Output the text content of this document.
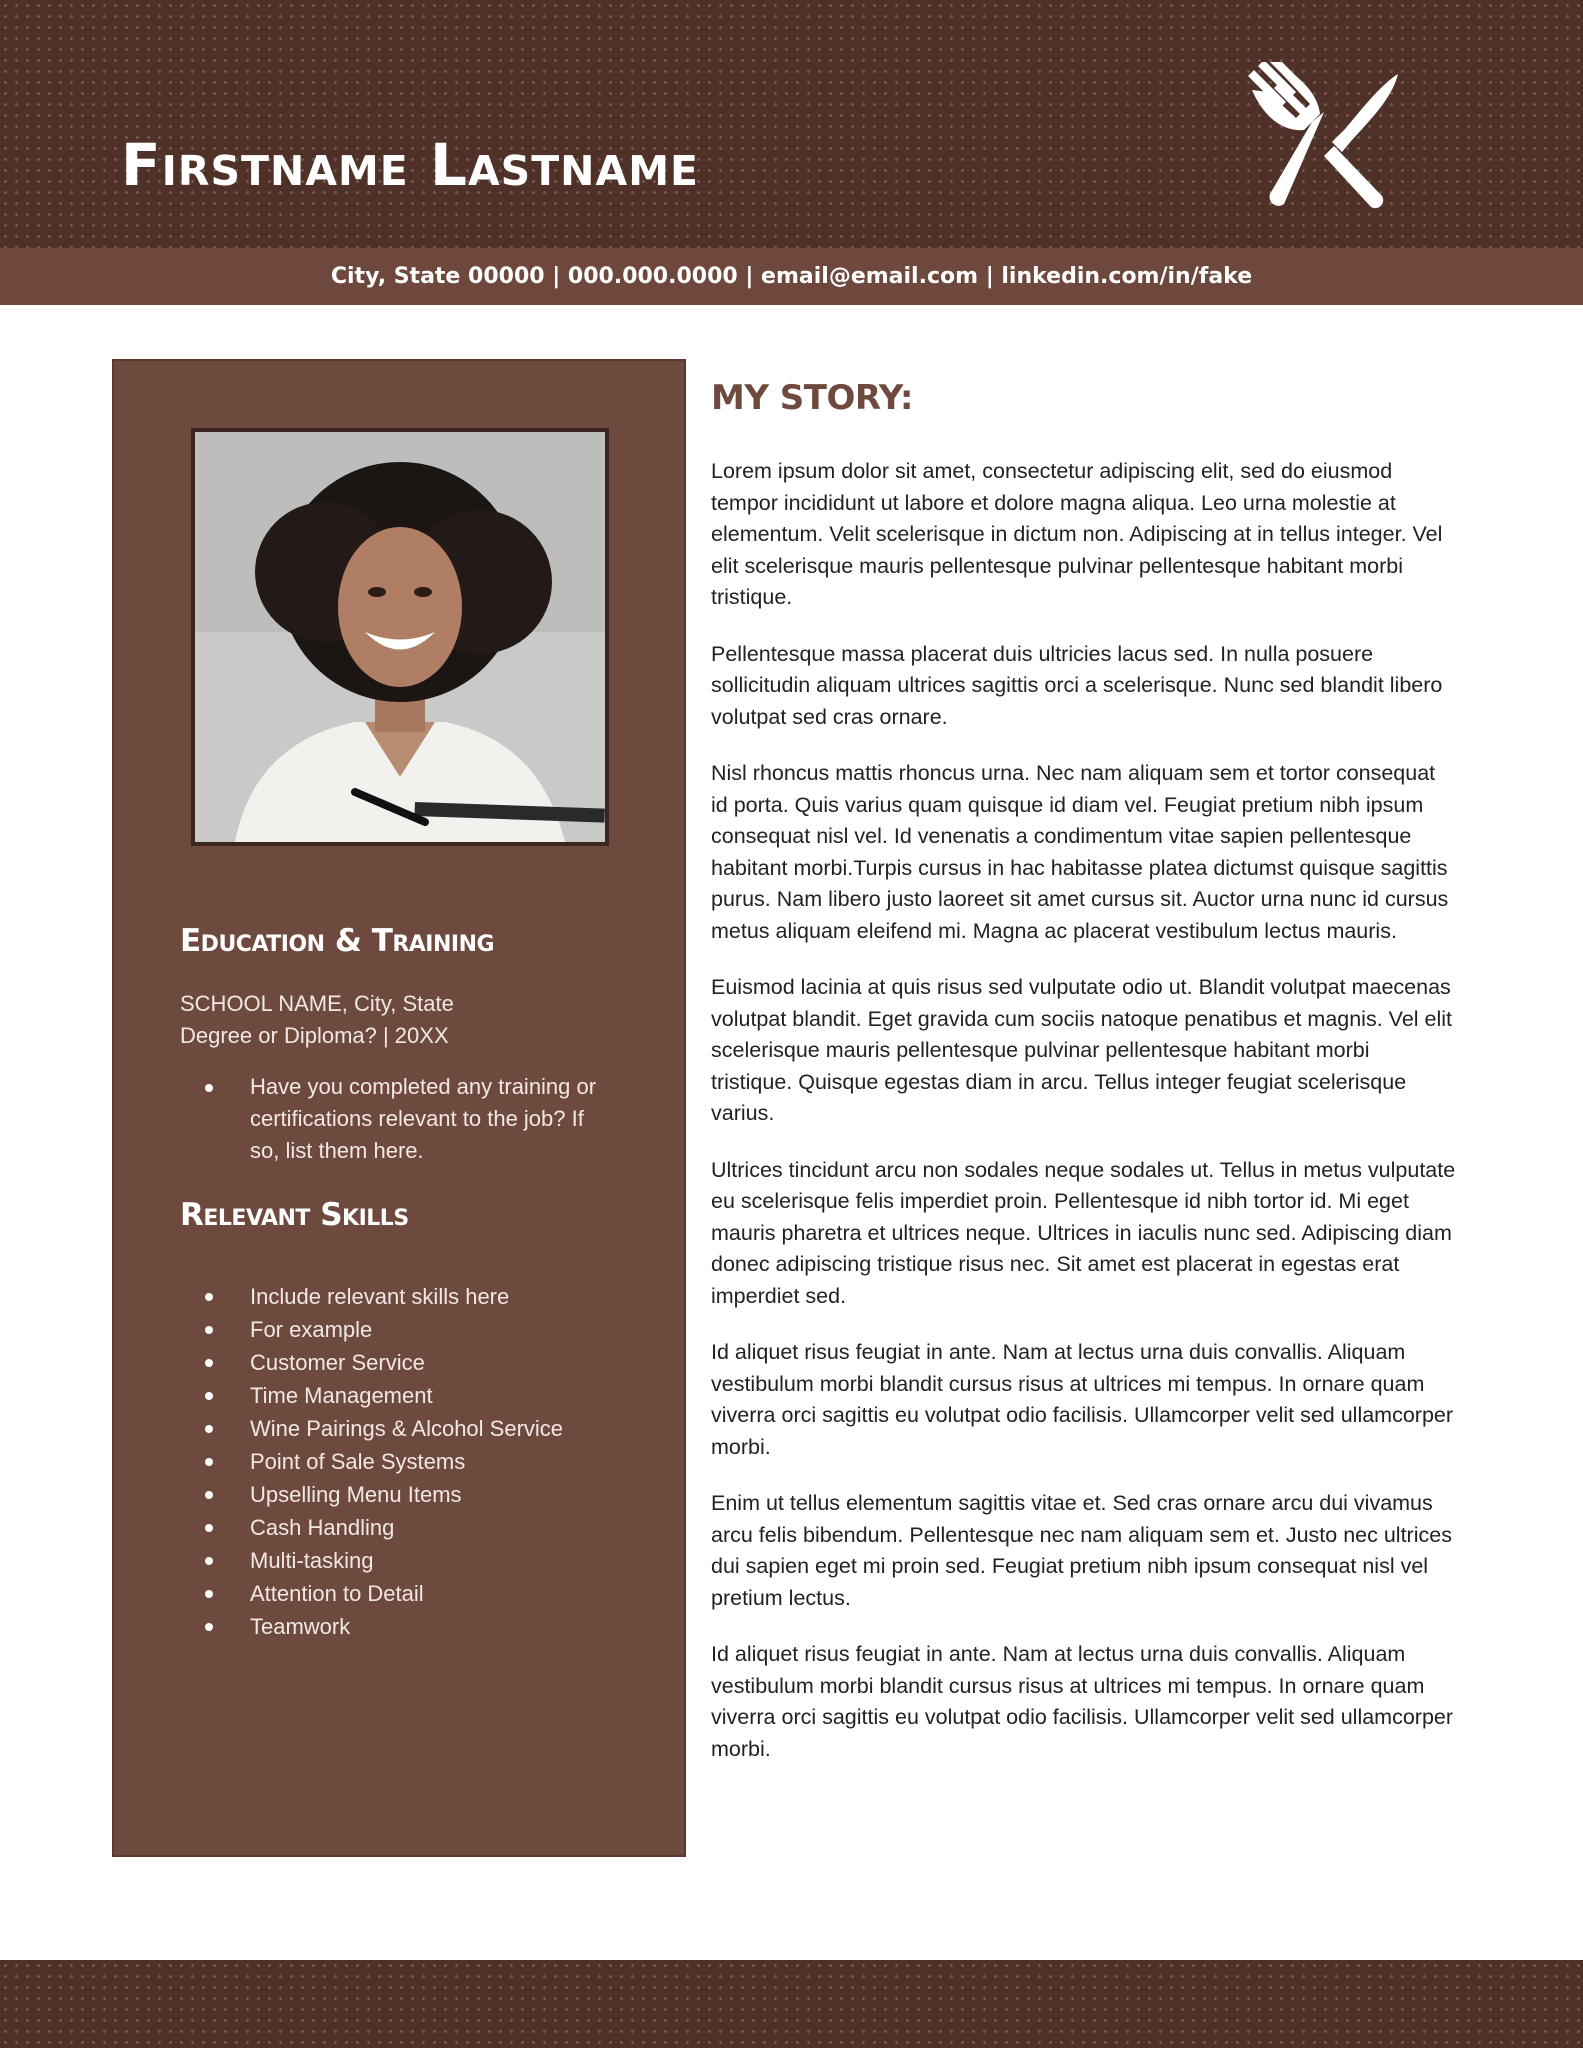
Firstname Lastname
City, State 00000 | 000.000.0000 | email@email.com | linkedin.com/in/fake
Education & Training
SCHOOL NAME, City, State
Degree or Diploma? | 20XX
Have you completed any training or certifications relevant to the job? If so, list them here.
Relevant Skills
Include relevant skills here
For example
Customer Service
Time Management
Wine Pairings & Alcohol Service
Point of Sale Systems
Upselling Menu Items
Cash Handling
Multi-tasking
Attention to Detail
Teamwork
MY STORY:

Lorem ipsum dolor sit amet, consectetur adipiscing elit, sed do eiusmod tempor incididunt ut labore et dolore magna aliqua. Leo urna molestie at elementum. Velit scelerisque in dictum non. Adipiscing at in tellus integer. Vel elit scelerisque mauris pellentesque pulvinar pellentesque habitant morbi tristique.

Pellentesque massa placerat duis ultricies lacus sed. In nulla posuere sollicitudin aliquam ultrices sagittis orci a scelerisque. Nunc sed blandit libero volutpat sed cras ornare.

Nisl rhoncus mattis rhoncus urna. Nec nam aliquam sem et tortor consequat id porta. Quis varius quam quisque id diam vel. Feugiat pretium nibh ipsum consequat nisl vel. Id venenatis a condimentum vitae sapien pellentesque habitant morbi.Turpis cursus in hac habitasse platea dictumst quisque sagittis purus. Nam libero justo laoreet sit amet cursus sit. Auctor urna nunc id cursus metus aliquam eleifend mi. Magna ac placerat vestibulum lectus mauris.

Euismod lacinia at quis risus sed vulputate odio ut. Blandit volutpat maecenas volutpat blandit. Eget gravida cum sociis natoque penatibus et magnis. Vel elit scelerisque mauris pellentesque pulvinar pellentesque habitant morbi tristique. Quisque egestas diam in arcu. Tellus integer feugiat scelerisque varius.

Ultrices tincidunt arcu non sodales neque sodales ut. Tellus in metus vulputate eu scelerisque felis imperdiet proin. Pellentesque id nibh tortor id. Mi eget mauris pharetra et ultrices neque. Ultrices in iaculis nunc sed. Adipiscing diam donec adipiscing tristique risus nec. Sit amet est placerat in egestas erat imperdiet sed.

Id aliquet risus feugiat in ante. Nam at lectus urna duis convallis. Aliquam vestibulum morbi blandit cursus risus at ultrices mi tempus. In ornare quam viverra orci sagittis eu volutpat odio facilisis. Ullamcorper velit sed ullamcorper morbi.

Enim ut tellus elementum sagittis vitae et. Sed cras ornare arcu dui vivamus arcu felis bibendum. Pellentesque nec nam aliquam sem et. Justo nec ultrices dui sapien eget mi proin sed. Feugiat pretium nibh ipsum consequat nisl vel pretium lectus.

Id aliquet risus feugiat in ante. Nam at lectus urna duis convallis. Aliquam vestibulum morbi blandit cursus risus at ultrices mi tempus. In ornare quam viverra orci sagittis eu volutpat odio facilisis. Ullamcorper velit sed ullamcorper morbi.
